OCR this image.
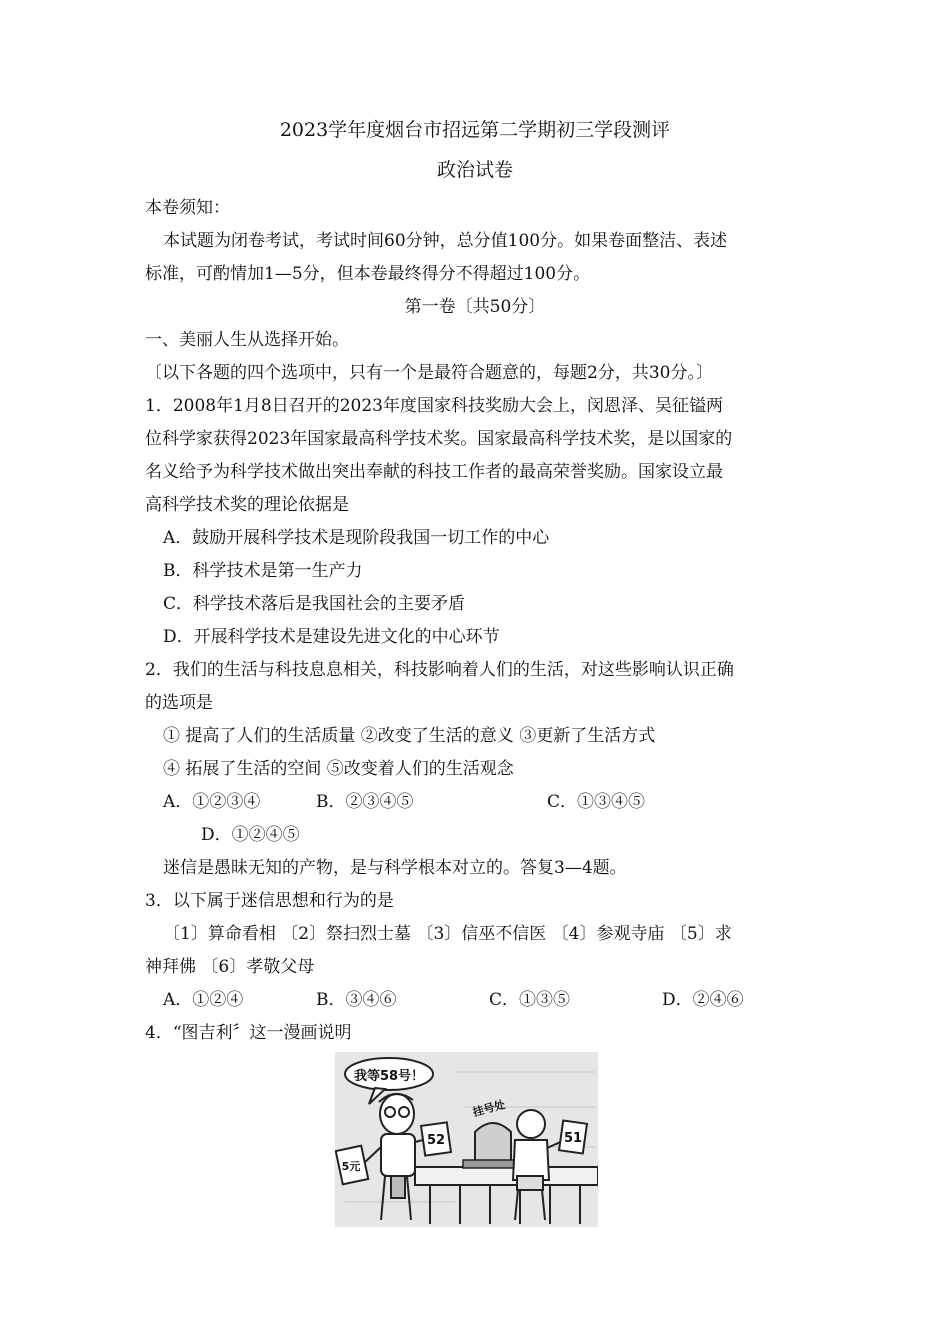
2023学年度烟台市招远第二学期初三学段测评
政治试卷
本卷须知：
本试题为闭卷考试，考试时间60分钟，总分值100分。如果卷面整洁、表述
标准，可酌情加1—5分，但本卷最终得分不得超过100分。
第一卷〔共50分〕
一、美丽人生从选择开始。
〔以下各题的四个选项中，只有一个是最符合题意的，每题2分，共30分。〕
1．2008年1月8日召开的2023年度国家科技奖励大会上，闵恩泽、吴征镒两
位科学家获得2023年国家最高科学技术奖。国家最高科学技术奖，是以国家的
名义给予为科学技术做出突出奉献的科技工作者的最高荣誉奖励。国家设立最
高科学技术奖的理论依据是
A．鼓励开展科学技术是现阶段我国一切工作的中心
B．科学技术是第一生产力
C．科学技术落后是我国社会的主要矛盾
D．开展科学技术是建设先进文化的中心环节
2．我们的生活与科技息息相关，科技影响着人们的生活，对这些影响认识正确
的选项是
① 提高了人们的生活质量 ②改变了生活的意义 ③更新了生活方式
④ 拓展了生活的空间 ⑤改变着人们的生活观念
A．①②③④	B．②③④⑤	C．①③④⑤
D．①②④⑤
迷信是愚昧无知的产物，是与科学根本对立的。答复3—4题。
3．以下属于迷信思想和行为的是
〔1〕算命看相 〔2〕祭扫烈士墓 〔3〕信巫不信医 〔4〕参观寺庙 〔5〕求
神拜佛 〔6〕孝敬父母
A．①②④	B．③④⑥	C．①③⑤	D．②④⑥
4．“图吉利〞这一漫画说明
我等58号！
挂号处
5元
52	51
